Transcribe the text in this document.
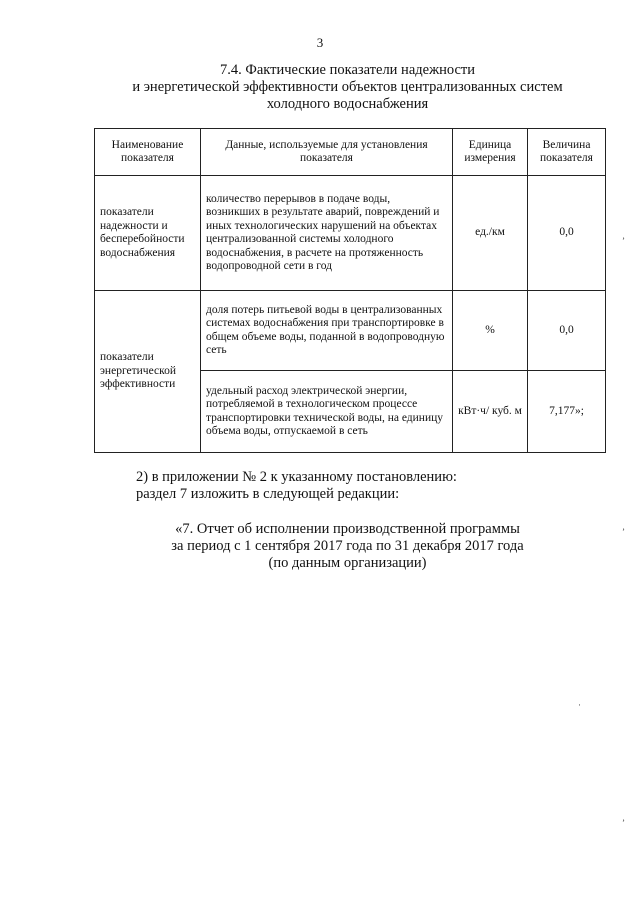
3
7.4. Фактические показатели надежности
и энергетической эффективности объектов централизованных систем
холодного водоснабжения
Наименование показателя	Данные, используемые для установления показателя	Единица измерения	Величина показателя
показатели надежности и бесперебойности водоснабжения	количество перерывов в подаче воды, возникших в результате аварий, повреждений и иных технологических нарушений на объектах централизованной системы холодного водоснабжения, в расчете на протяженность водопроводной сети в год	ед./км	0,0
показатели энергетической эффективности	доля потерь питьевой воды в централизованных системах водоснабжения при транспортировке в общем объеме воды, поданной в водопроводную сеть	%	0,0
	удельный расход электрической энергии, потребляемой в технологическом процессе транспортировки технической воды, на единицу объема воды, отпускаемой в сеть	кВт·ч/ куб. м	7,177»;
2) в приложении № 2 к указанному постановлению:
раздел 7 изложить в следующей редакции:
«7. Отчет об исполнении производственной программы
за период с 1 сентября 2017 года по 31 декабря 2017 года
(по данным организации)
ʼ
ʼ
·
ʼ
